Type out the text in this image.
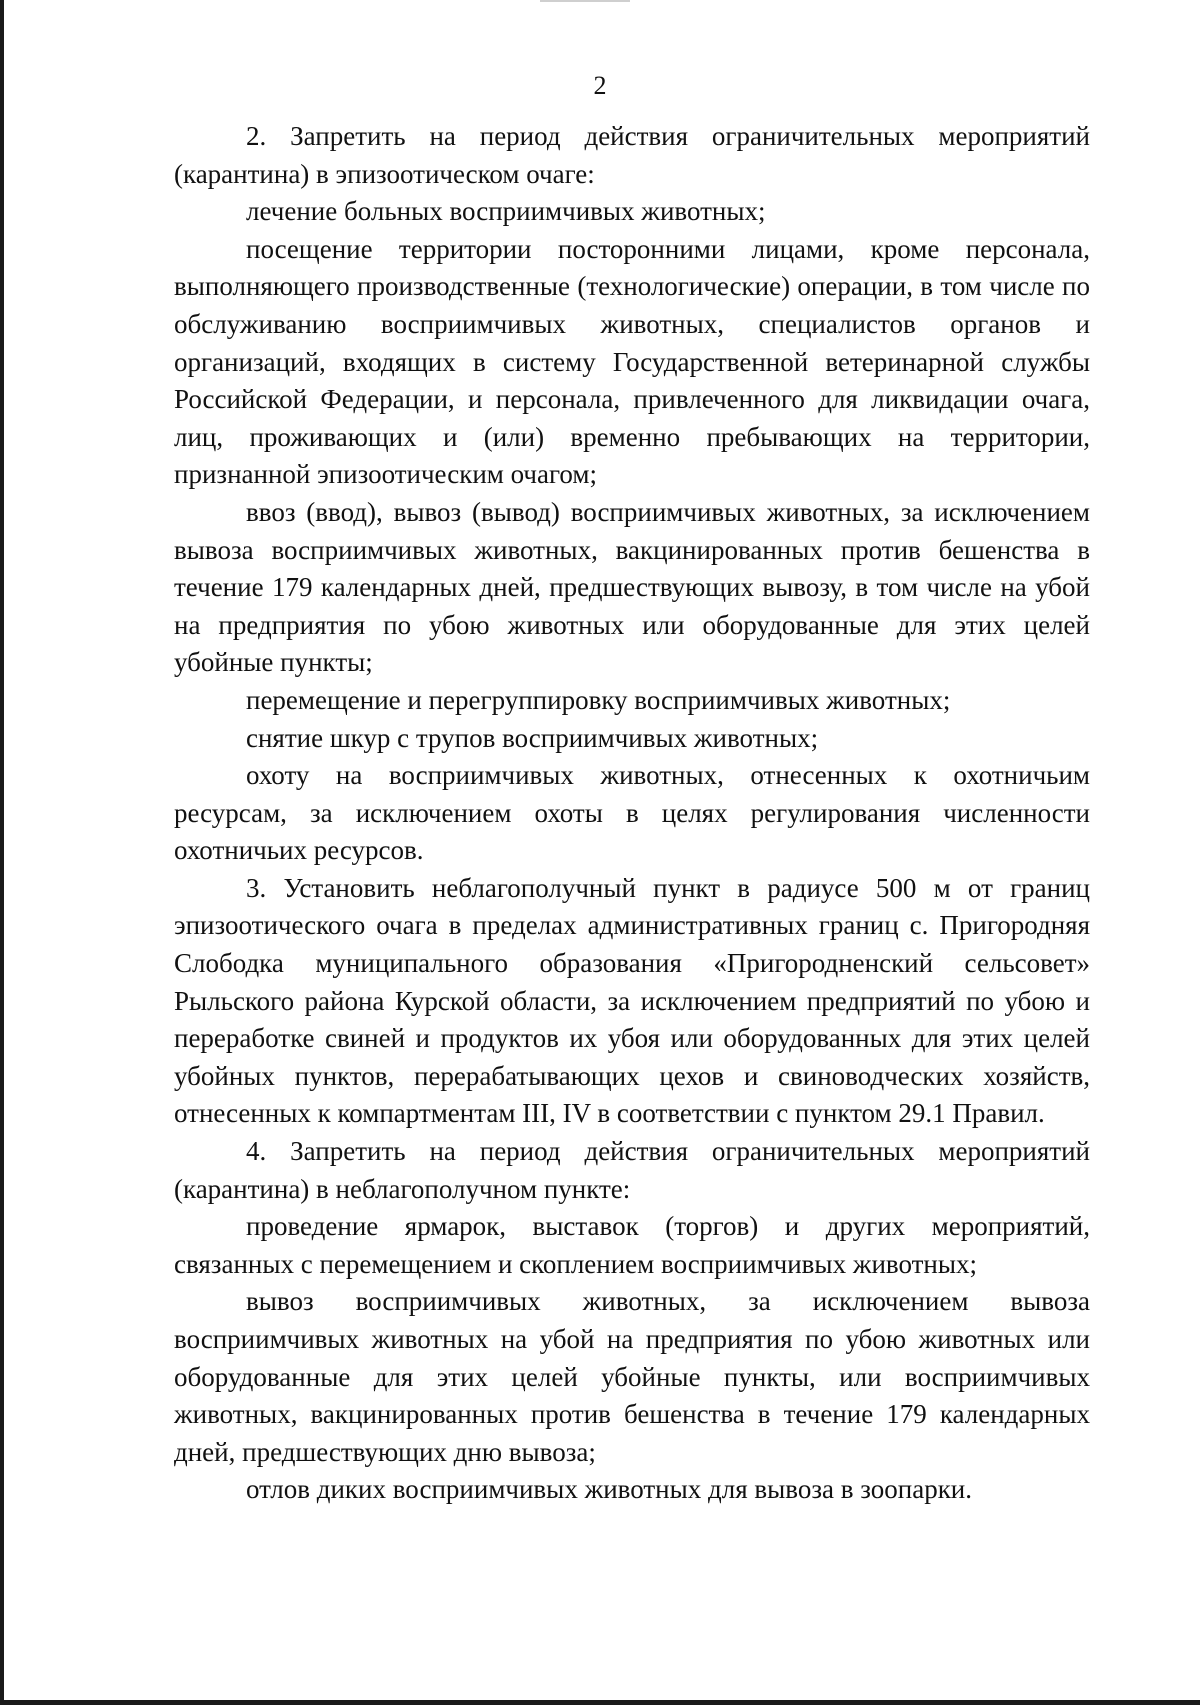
2

2. Запретить на период действия ограничительных мероприятий (карантина) в эпизоотическом очаге:

лечение больных восприимчивых животных;

посещение территории посторонними лицами, кроме персонала, выполняющего производственные (технологические) операции, в том числе по обслуживанию восприимчивых животных, специалистов органов и организаций, входящих в систему Государственной ветеринарной службы Российской Федерации, и персонала, привлеченного для ликвидации очага, лиц, проживающих и (или) временно пребывающих на территории, признанной эпизоотическим очагом;

ввоз (ввод), вывоз (вывод) восприимчивых животных, за исключением вывоза восприимчивых животных, вакцинированных против бешенства в течение 179 календарных дней, предшествующих вывозу, в том числе на убой на предприятия по убою животных или оборудованные для этих целей убойные пункты;

перемещение и перегруппировку восприимчивых животных;

снятие шкур с трупов восприимчивых животных;

охоту на восприимчивых животных, отнесенных к охотничьим ресурсам, за исключением охоты в целях регулирования численности охотничьих ресурсов.

3. Установить неблагополучный пункт в радиусе 500 м от границ эпизоотического очага в пределах административных границ с. Пригородняя Слободка муниципального образования «Пригородненский сельсовет» Рыльского района Курской области, за исключением предприятий по убою и переработке свиней и продуктов их убоя или оборудованных для этих целей убойных пунктов, перерабатывающих цехов и свиноводческих хозяйств, отнесенных к компартментам III, IV в соответствии с пунктом 29.1 Правил.

4. Запретить на период действия ограничительных мероприятий (карантина) в неблагополучном пункте:

проведение ярмарок, выставок (торгов) и других мероприятий, связанных с перемещением и скоплением восприимчивых животных;

вывоз восприимчивых животных, за исключением вывоза восприимчивых животных на убой на предприятия по убою животных или оборудованные для этих целей убойные пункты, или восприимчивых животных, вакцинированных против бешенства в течение 179 календарных дней, предшествующих дню вывоза;

отлов диких восприимчивых животных для вывоза в зоопарки.
